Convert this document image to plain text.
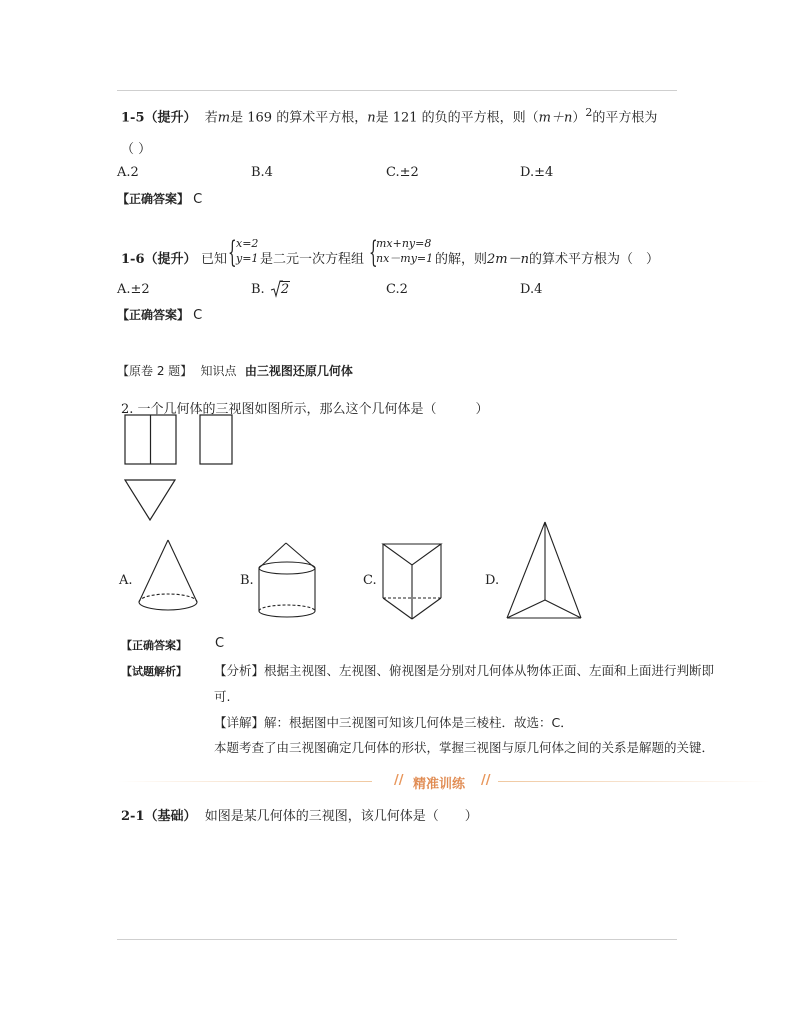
1-5（提升） 若m是 169 的算术平方根，n是 121 的负的平方根，则$(m+n)^2$的平方根为
（ ）
A.2	B.4	C.±2	D.±4
【正确答案】 C
1-6（提升） 已知 { x=2
y=1 是二元一次方程组 {
mx+ny=8
nx－my=1 的解，则2m－n的算术平方根为（　）
A.±2	B. 2	C.2	D.4
【正确答案】 C
【原卷 2 题】 知识点 由三视图还原几何体
2. 一个几何体的三视图如图所示，那么这个几何体是（　　　）
A.	B.	C.	D.
【正确答案】 C
【试题解析】 【分析】根据主视图、左视图、俯视图是分别对几何体从物体正面、左面和上面进行判断即
可.
【详解】解：根据图中三视图可知该几何体是三棱柱．故选：C．
本题考查了由三视图确定几何体的形状，掌握三视图与原几何体之间的关系是解题的关键．
// 精准训练 //
2-1（基础） 如图是某几何体的三视图，该几何体是（　　）
